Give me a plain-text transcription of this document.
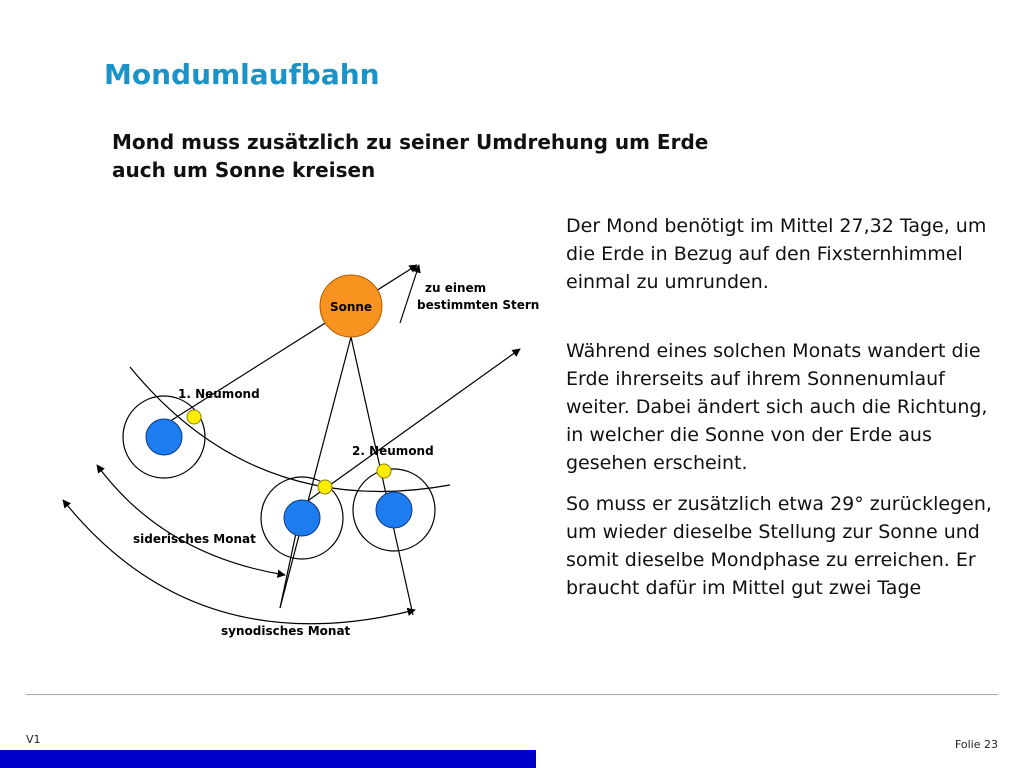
Mondumlaufbahn

Mond muss zusätzlich zu seiner Umdrehung um Erde auch um Sonne kreisen

Der Mond benötigt im Mittel 27,32 Tage, um die Erde in Bezug auf den Fixsternhimmel einmal zu umrunden.

Während eines solchen Monats wandert die Erde ihrerseits auf ihrem Sonnenumlauf weiter. Dabei ändert sich auch die Richtung, in welcher die Sonne von der Erde aus gesehen erscheint.

So muss er zusätzlich etwa 29° zurücklegen, um wieder dieselbe Stellung zur Sonne und somit dieselbe Mondphase zu erreichen. Er braucht dafür im Mittel gut zwei Tage

Sonne
zu einem
bestimmten Stern
1. Neumond
2. Neumond
siderisches Monat
synodisches Monat
V1	Folie 23
